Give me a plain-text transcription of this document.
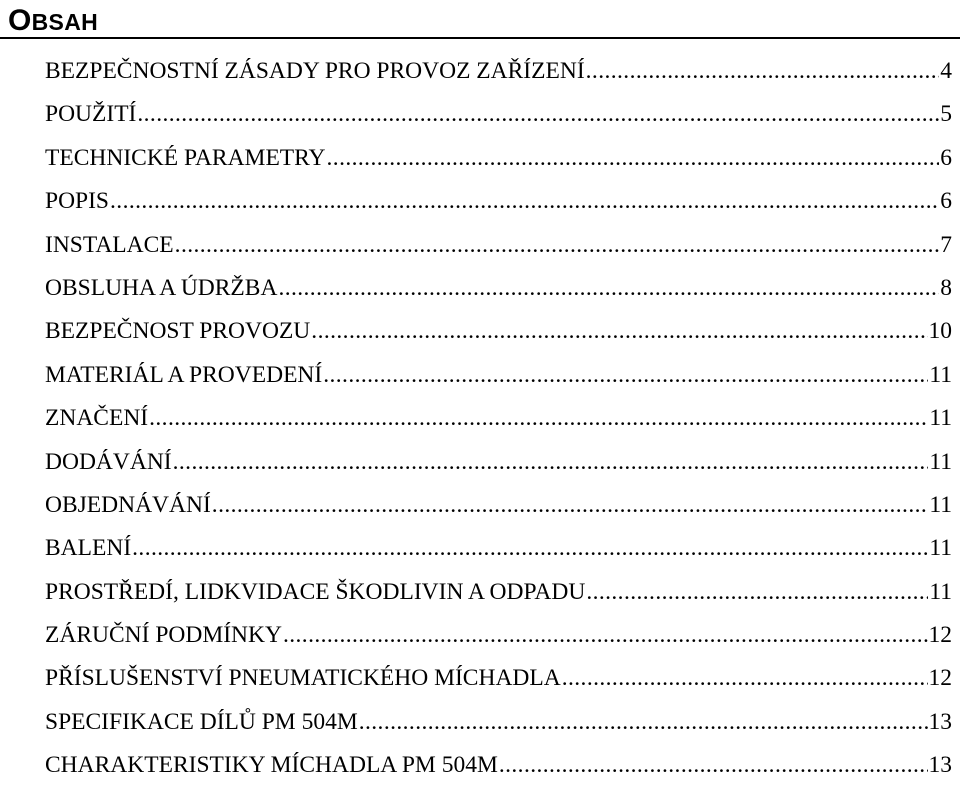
OBSAH
BEZPEČNOSTNÍ ZÁSADY PRO PROVOZ ZAŘÍZENÍ .....	4
POUŽITÍ .....	5
TECHNICKÉ PARAMETRY .....	6
POPIS .....	6
INSTALACE .....	7
OBSLUHA A ÚDRŽBA .....	8
BEZPEČNOST PROVOZU .....	10
MATERIÁL A PROVEDENÍ .....	11
ZNAČENÍ .....	11
DODÁVÁNÍ .....	11
OBJEDNÁVÁNÍ .....	11
BALENÍ .....	11
PROSTŘEDÍ, LIDKVIDACE ŠKODLIVIN A ODPADU .....	11
ZÁRUČNÍ PODMÍNKY .....	12
PŘÍSLUŠENSTVÍ PNEUMATICKÉHO MÍCHADLA .....	12
SPECIFIKACE DÍLŮ PM 504M .....	13
CHARAKTERISTIKY MÍCHADLA PM 504M .....	13
